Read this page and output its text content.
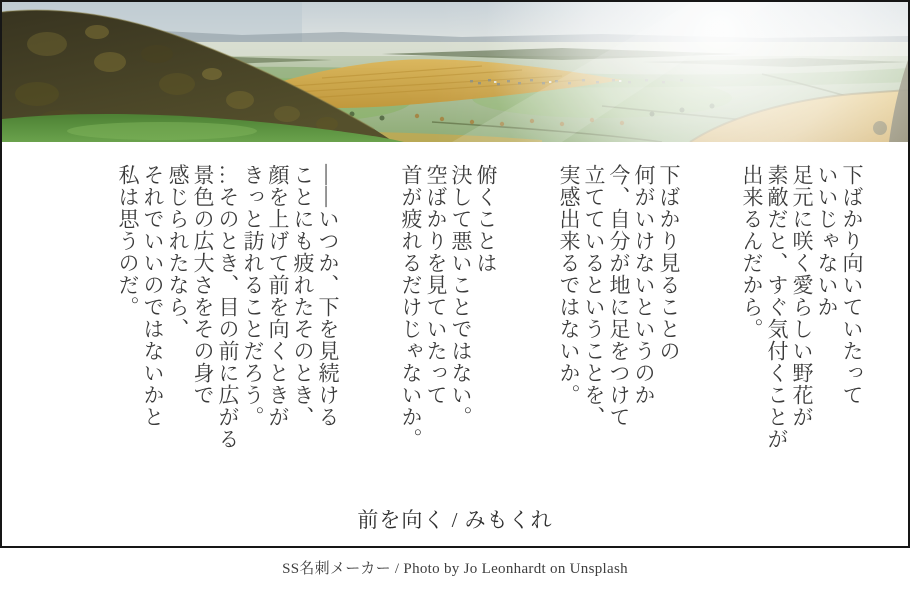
下ばかり向いていたって

いいじゃないか

足元に咲く愛らしい野花が

素敵だと、すぐ気付くことが

出来るんだから。

下ばかり見ることの

何がいけないというのか

今、自分が地に足をつけて

立てているということを、

実感出来るではないか。

俯くことは

決して悪いことではない。

空ばかりを見ていたって

首が疲れるだけじゃないか。

――いつか、下を見続ける

ことにも疲れたそのとき、

顔を上げて前を向くときが

きっと訪れることだろう。

…そのとき、目の前に広がる

景色の広大さをその身で

感じられたなら、

それでいいのではないかと

私は思うのだ。

前を向く / みもくれ
SS名刺メーカー / Photo by Jo Leonhardt on Unsplash
